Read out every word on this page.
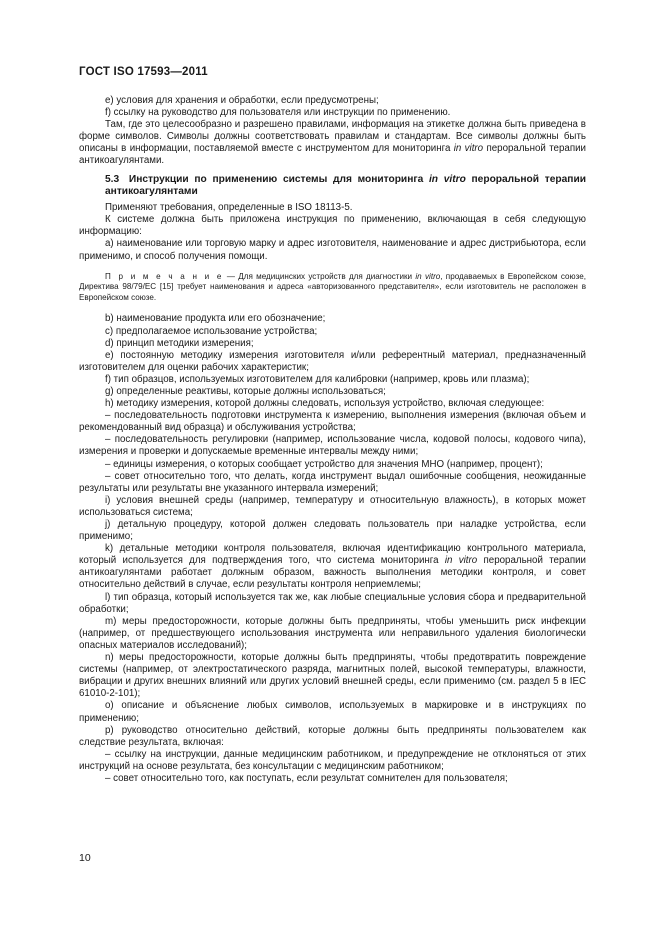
ГОСТ ISO 17593—2011

e) условия для хранения и обработки, если предусмотрены;

f) ссылку на руководство для пользователя или инструкции по применению.

Там, где это целесообразно и разрешено правилами, информация на этикетке должна быть приведена в форме символов. Символы должны соответствовать правилам и стандартам. Все символы должны быть описаны в информации, поставляемой вместе с инструментом для мониторинга in vitro пероральной терапии антикоагулянтами.

5.3 Инструкции по применению системы для мониторинга in vitro пероральной терапии антикоагулянтами

Применяют требования, определенные в ISO 18113-5.

К системе должна быть приложена инструкция по применению, включающая в себя следующую информацию:

a) наименование или торговую марку и адрес изготовителя, наименование и адрес дистрибьютора, если применимо, и способ получения помощи.

П р и м е ч а н и е — Для медицинских устройств для диагностики in vitro, продаваемых в Европейском союзе, Директива 98/79/ЕС [15] требует наименования и адреса «авторизованного представителя», если изготовитель не расположен в Европейском союзе.

b) наименование продукта или его обозначение;

c) предполагаемое использование устройства;

d) принцип методики измерения;

e) постоянную методику измерения изготовителя и/или референтный материал, предназначенный изготовителем для оценки рабочих характеристик;

f) тип образцов, используемых изготовителем для калибровки (например, кровь или плазма);

g) определенные реактивы, которые должны использоваться;

h) методику измерения, которой должны следовать, используя устройство, включая следующее:

– последовательность подготовки инструмента к измерению, выполнения измерения (включая объем и рекомендованный вид образца) и обслуживания устройства;

– последовательность регулировки (например, использование числа, кодовой полосы, кодового чипа), измерения и проверки и допускаемые временные интервалы между ними;

– единицы измерения, о которых сообщает устройство для значения МНО (например, процент);

– совет относительно того, что делать, когда инструмент выдал ошибочные сообщения, неожиданные результаты или результаты вне указанного интервала измерений;

i) условия внешней среды (например, температуру и относительную влажность), в которых может использоваться система;

j) детальную процедуру, которой должен следовать пользователь при наладке устройства, если применимо;

k) детальные методики контроля пользователя, включая идентификацию контрольного материала, который используется для подтверждения того, что система мониторинга in vitro пероральной терапии антикоагулянтами работает должным образом, важность выполнения методики контроля, и совет относительно действий в случае, если результаты контроля неприемлемы;

l) тип образца, который используется так же, как любые специальные условия сбора и предварительной обработки;

m) меры предосторожности, которые должны быть предприняты, чтобы уменьшить риск инфекции (например, от предшествующего использования инструмента или неправильного удаления биологически опасных материалов исследований);

n) меры предосторожности, которые должны быть предприняты, чтобы предотвратить повреждение системы (например, от электростатического разряда, магнитных полей, высокой температуры, влажности, вибрации и других внешних влияний или других условий внешней среды, если применимо (см. раздел 5 в IEC 61010-2-101);

o) описание и объяснение любых символов, используемых в маркировке и в инструкциях по применению;

p) руководство относительно действий, которые должны быть предприняты пользователем как следствие результата, включая:

– ссылку на инструкции, данные медицинским работником, и предупреждение не отклоняться от этих инструкций на основе результата, без консультации с медицинским работником;

– совет относительно того, как поступать, если результат сомнителен для пользователя;

10
